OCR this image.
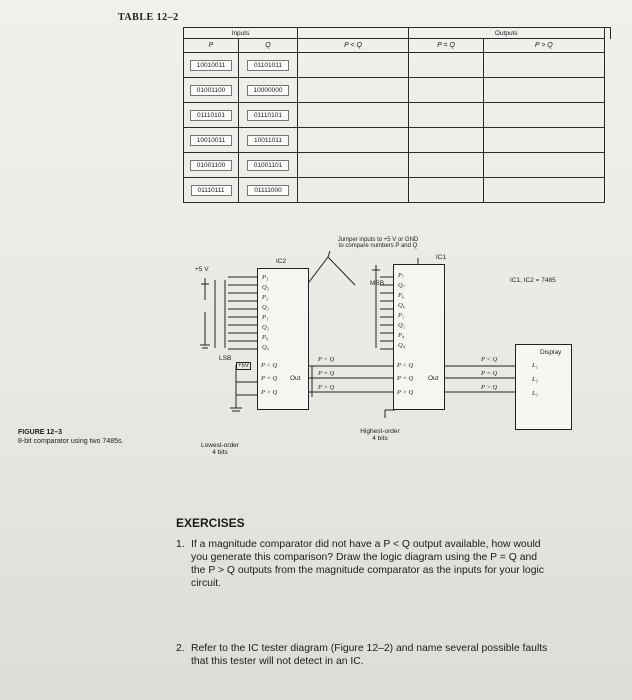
TABLE 12–2
Inputs			Outputs		
P	Q	P < Q	P = Q	P > Q	
10010011	01101011				
01001100	10000000				
01110101	01110101				
10010011	10011011				
01001100	01001101				
01110111	01111000				
FIGURE 12–3
8-bit comparator using two 7485s.
IC2
P₃
Q₃
P₂
Q₂
P₁
Q₁
P₀
Q₀
P < Q
P = Q
P > Q
Out
+5 V
LSB
+5V
Lowest-order
4 bits
P < Q
P = Q
P > Q
Jumper inputs to +5 V or GND
to compare numbers P and Q
IC1
MSB
P₇
Q₇
P₆
Q₆
P₅
Q₅
P₄
Q₄
P < Q
P = Q
P > Q
Out
Highest-order
4 bits
IC1, IC2 = 7485
Display
P < Q
P = Q
P > Q
L₁
L₂
L₃
EXERCISES
1. If a magnitude comparator did not have a P < Q output available, how would
you generate this comparison? Draw the logic diagram using the P = Q and
the P > Q outputs from the magnitude comparator as the inputs for your logic
circuit.
2. Refer to the IC tester diagram (Figure 12–2) and name several possible faults
that this tester will not detect in an IC.
